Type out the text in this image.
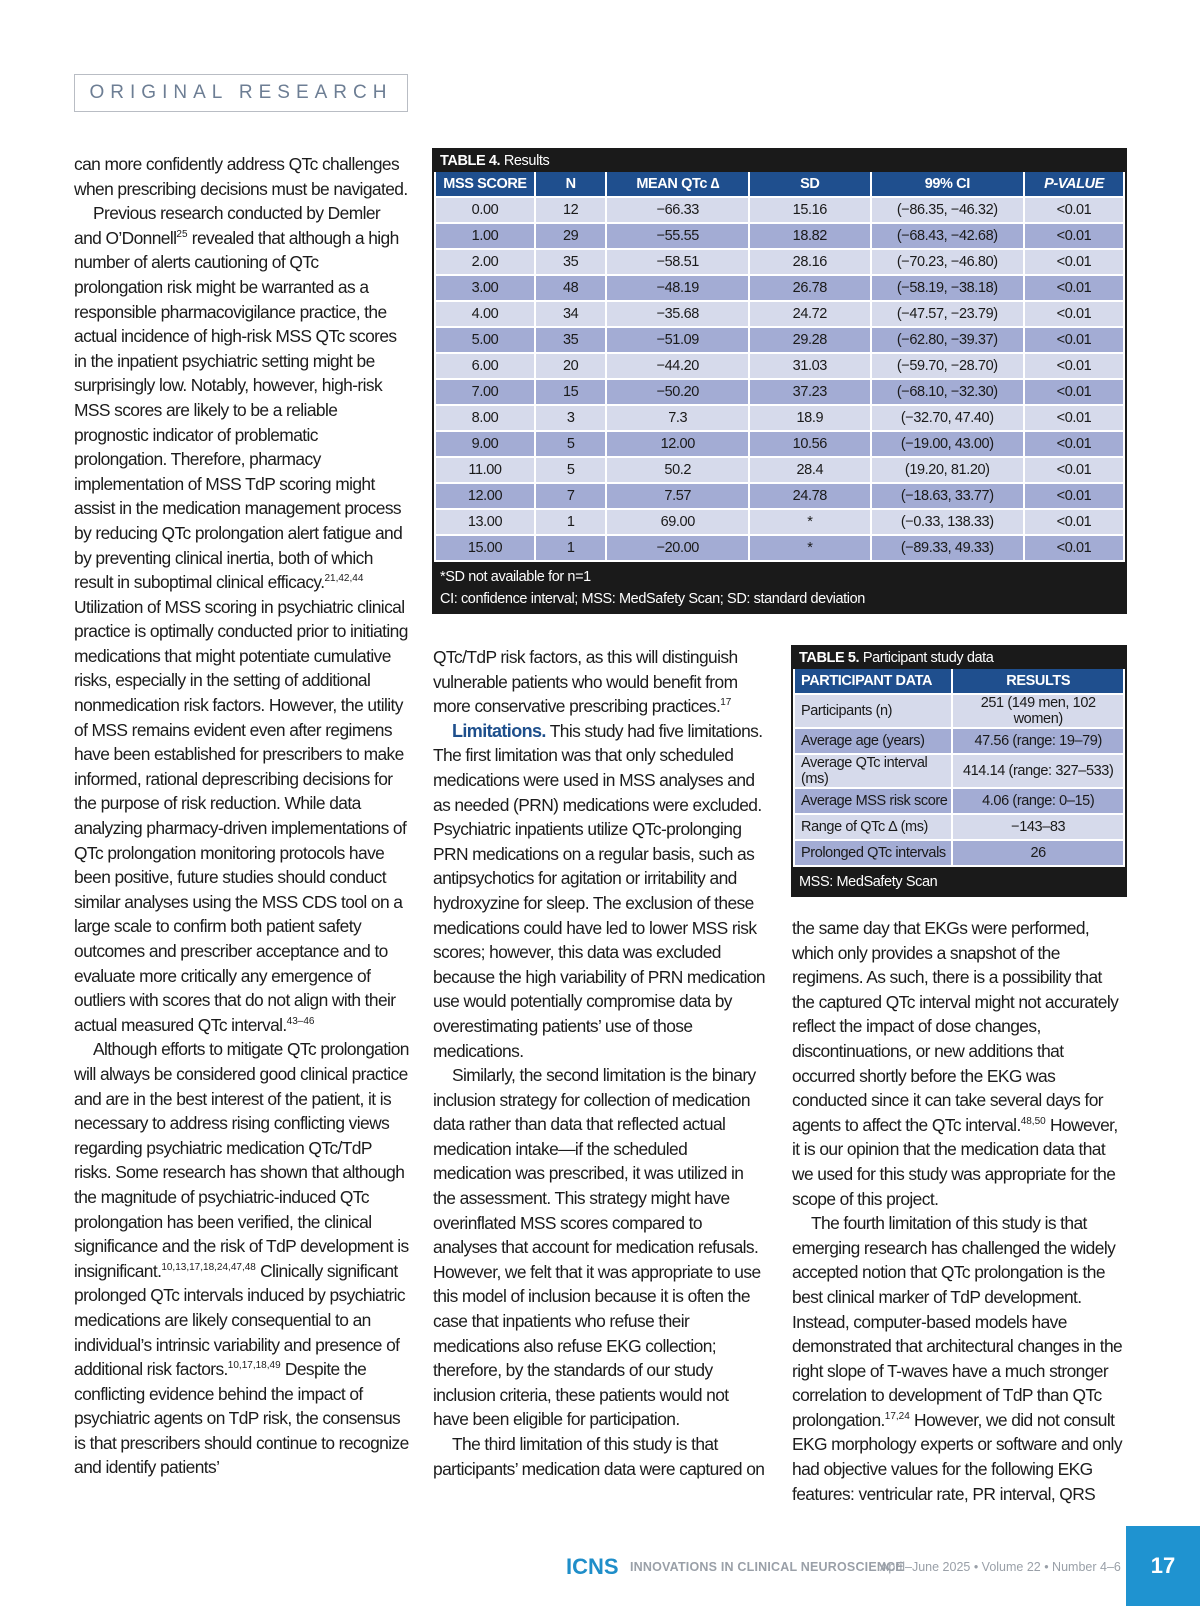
ORIGINAL RESEARCH

can more confidently address QTc challenges when prescribing decisions must be navigated.

Previous research conducted by Demler and O’Donnell$^{25}$ revealed that although a high number of alerts cautioning of QTc prolongation risk might be warranted as a responsible pharmacovigilance practice, the actual incidence of high-risk MSS QTc scores in the inpatient psychiatric setting might be surprisingly low. Notably, however, high-risk MSS scores are likely to be a reliable prognostic indicator of problematic prolongation. Therefore, pharmacy implementation of MSS TdP scoring might assist in the medication management process by reducing QTc prolongation alert fatigue and by preventing clinical inertia, both of which result in suboptimal clinical efficacy.$^{21,42,44}$ Utilization of MSS scoring in psychiatric clinical practice is optimally conducted prior to initiating medications that might potentiate cumulative risks, especially in the setting of additional nonmedication risk factors. However, the utility of MSS remains evident even after regimens have been established for prescribers to make informed, rational deprescribing decisions for the purpose of risk reduction. While data analyzing pharmacy-driven implementations of QTc prolongation monitoring protocols have been positive, future studies should conduct similar analyses using the MSS CDS tool on a large scale to confirm both patient safety outcomes and prescriber acceptance and to evaluate more critically any emergence of outliers with scores that do not align with their actual measured QTc interval.$^{43-46}$

Although efforts to mitigate QTc prolongation will always be considered good clinical practice and are in the best interest of the patient, it is necessary to address rising conflicting views regarding psychiatric medication QTc/TdP risks. Some research has shown that although the magnitude of psychiatric-induced QTc prolongation has been verified, the clinical significance and the risk of TdP development is insignificant.$^{10,13,17,18,24,47,48}$ Clinically significant prolonged QTc intervals induced by psychiatric medications are likely consequential to an individual’s intrinsic variability and presence of additional risk factors.$^{10,17,18,49}$ Despite the conflicting evidence behind the impact of psychiatric agents on TdP risk, the consensus is that prescribers should continue to recognize and identify patients’

TABLE 4. Results
MSS SCORE	N	MEAN QTc ∆	SD	99% CI	P-VALUE
0.00	12	−66.33	15.16	(−86.35, −46.32)	<0.01
1.00	29	−55.55	18.82	(−68.43, −42.68)	<0.01
2.00	35	−58.51	28.16	(−70.23, −46.80)	<0.01
3.00	48	−48.19	26.78	(−58.19, −38.18)	<0.01
4.00	34	−35.68	24.72	(−47.57, −23.79)	<0.01
5.00	35	−51.09	29.28	(−62.80, −39.37)	<0.01
6.00	20	−44.20	31.03	(−59.70, −28.70)	<0.01
7.00	15	−50.20	37.23	(−68.10, −32.30)	<0.01
8.00	3	7.3	18.9	(−32.70, 47.40)	<0.01
9.00	5	12.00	10.56	(−19.00, 43.00)	<0.01
11.00	5	50.2	28.4	(19.20, 81.20)	<0.01
12.00	7	7.57	24.78	(−18.63, 33.77)	<0.01
13.00	1	69.00	*	(−0.33, 138.33)	<0.01
15.00	1	−20.00	*	(−89.33, 49.33)	<0.01
*SD not available for n=1
CI: confidence interval; MSS: MedSafety Scan; SD: standard deviation

QTc/TdP risk factors, as this will distinguish vulnerable patients who would benefit from more conservative prescribing practices.$^{17}$

Limitations. This study had five limitations. The first limitation was that only scheduled medications were used in MSS analyses and as needed (PRN) medications were excluded. Psychiatric inpatients utilize QTc-prolonging PRN medications on a regular basis, such as antipsychotics for agitation or irritability and hydroxyzine for sleep. The exclusion of these medications could have led to lower MSS risk scores; however, this data was excluded because the high variability of PRN medication use would potentially compromise data by overestimating patients’ use of those medications.

Similarly, the second limitation is the binary inclusion strategy for collection of medication data rather than data that reflected actual medication intake—if the scheduled medication was prescribed, it was utilized in the assessment. This strategy might have overinflated MSS scores compared to analyses that account for medication refusals. However, we felt that it was appropriate to use this model of inclusion because it is often the case that inpatients who refuse their medications also refuse EKG collection; therefore, by the standards of our study inclusion criteria, these patients would not have been eligible for participation.

The third limitation of this study is that participants’ medication data were captured on

TABLE 5. Participant study data
PARTICIPANT DATA	RESULTS
Participants (n)	251 (149 men, 102 women)
Average age (years)	47.56 (range: 19–79)
Average QTc interval (ms)	414.14 (range: 327–533)
Average MSS risk score	4.06 (range: 0–15)
Range of QTc ∆ (ms)	−143–83
Prolonged QTc intervals	26
MSS: MedSafety Scan

the same day that EKGs were performed, which only provides a snapshot of the regimens. As such, there is a possibility that the captured QTc interval might not accurately reflect the impact of dose changes, discontinuations, or new additions that occurred shortly before the EKG was conducted since it can take several days for agents to affect the QTc interval.$^{48,50}$ However, it is our opinion that the medication data that we used for this study was appropriate for the scope of this project.

The fourth limitation of this study is that emerging research has challenged the widely accepted notion that QTc prolongation is the best clinical marker of TdP development. Instead, computer-based models have demonstrated that architectural changes in the right slope of T-waves have a much stronger correlation to development of TdP than QTc prolongation.$^{17,24}$ However, we did not consult EKG morphology experts or software and only had objective values for the following EKG features: ventricular rate, PR interval, QRS

ICNS INNOVATIONS IN CLINICAL NEUROSCIENCE
April–June 2025 • Volume 22 • Number 4–6	17
